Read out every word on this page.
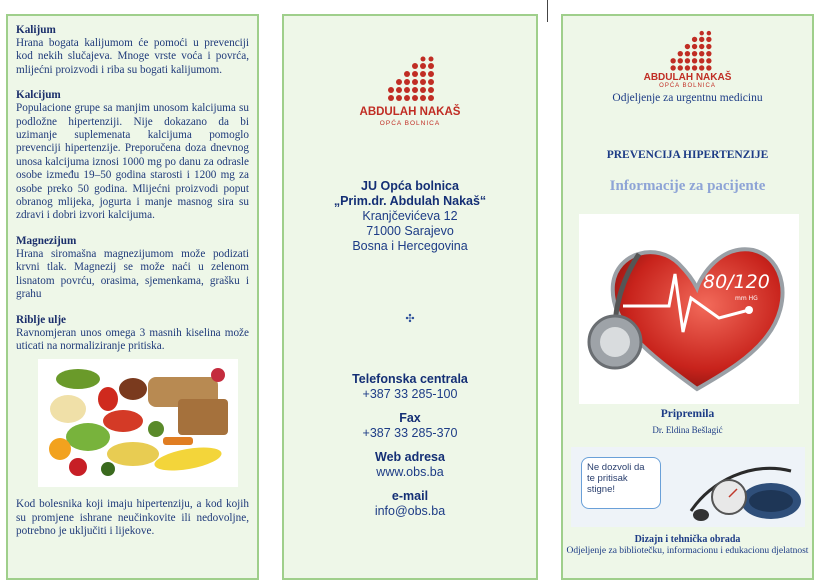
Kalijum
Hrana bogata kalijumom će pomoći u prevenciji kod nekih slučajeva. Mnoge vrste voća i povrća, mlijećni proizvodi i riba su bogati kalijumom.
Kalcijum
Populacione grupe sa manjim unosom kalcijuma su podložne hipertenziji. Nije dokazano da bi uzimanje suplemenata kalcijuma pomoglo prevenciji hipertenzije. Preporučena doza dnevnog unosa kalcijuma iznosi 1000 mg po danu za odrasle osobe između 19–50 godina starosti i 1200 mg za osobe preko 50 godina. Mlijećni proizvodi poput obranog mlijeka, jogurta i manje masnog sira su zdravi i dobri izvori kalcijuma.
Magnezijum
Hrana siromašna magnezijumom može podizati krvni tlak. Magnezij se može naći u zelenom lisnatom povrću, orasima, sjemenkama, grašku i grahu
Riblje ulje
Ravnomjeran unos omega 3 masnih kiselina može uticati na normaliziranje pritiska.
Kod bolesnika koji imaju hipertenziju, a kod kojih su promjene ishrane neučinkovite ili nedovoljne, potrebno je uključiti i lijekove.
ABDULAH NAKAŠ
OPĆA BOLNICA
JU Opća bolnica
„Prim.dr. Abdulah Nakaš“
Kranjčevićeva 12
71000 Sarajevo
Bosna i Hercegovina
✣
Telefonska centrala
+387 33 285-100
Fax
+387 33 285-370
Web adresa
www.obs.ba
e-mail
info@obs.ba
ABDULAH NAKAŠ
OPĆA BOLNICA
Odjeljenje za urgentnu medicinu
PREVENCIJA HIPERTENZIJE
Informacije za pacijente
80/120
mm HG
Pripremila
Dr. Eldina Bešlagić
Ne dozvoli da te pritisak stigne!
Dizajn i tehnička obrada
Odjeljenje za bibliotečku, informacionu i edukacionu djelatnost
